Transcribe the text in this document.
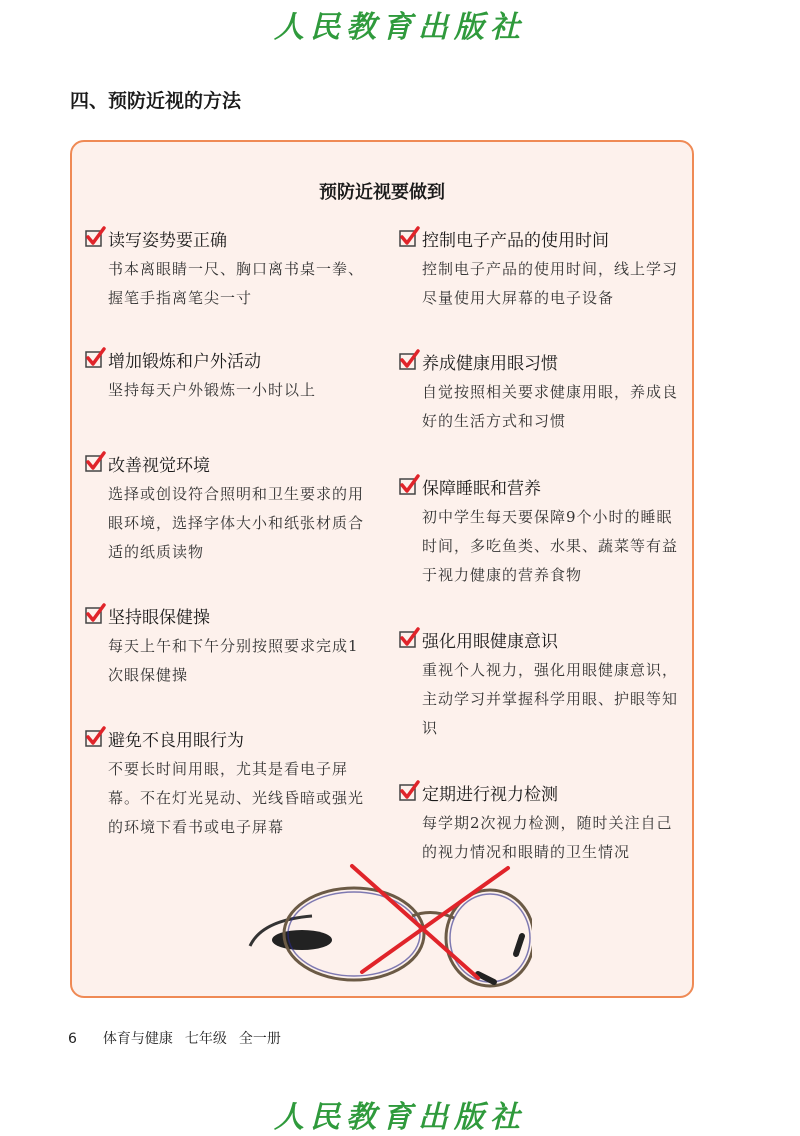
人民教育出版社
四、预防近视的方法
预防近视要做到
读写姿势要正确
书本离眼睛一尺、胸口离书桌一拳、握笔手指离笔尖一寸
增加锻炼和户外活动
坚持每天户外锻炼一小时以上
改善视觉环境
选择或创设符合照明和卫生要求的用眼环境，选择字体大小和纸张材质合适的纸质读物
坚持眼保健操
每天上午和下午分别按照要求完成1次眼保健操
避免不良用眼行为
不要长时间用眼，尤其是看电子屏幕。不在灯光晃动、光线昏暗或强光的环境下看书或电子屏幕
控制电子产品的使用时间
控制电子产品的使用时间，线上学习尽量使用大屏幕的电子设备
养成健康用眼习惯
自觉按照相关要求健康用眼，养成良好的生活方式和习惯
保障睡眠和营养
初中学生每天要保障9个小时的睡眠时间，多吃鱼类、水果、蔬菜等有益于视力健康的营养食物
强化用眼健康意识
重视个人视力，强化用眼健康意识，主动学习并掌握科学用眼、护眼等知识
定期进行视力检测
每学期2次视力检测，随时关注自己的视力情况和眼睛的卫生情况
6 体育与健康 七年级 全一册
人民教育出版社
